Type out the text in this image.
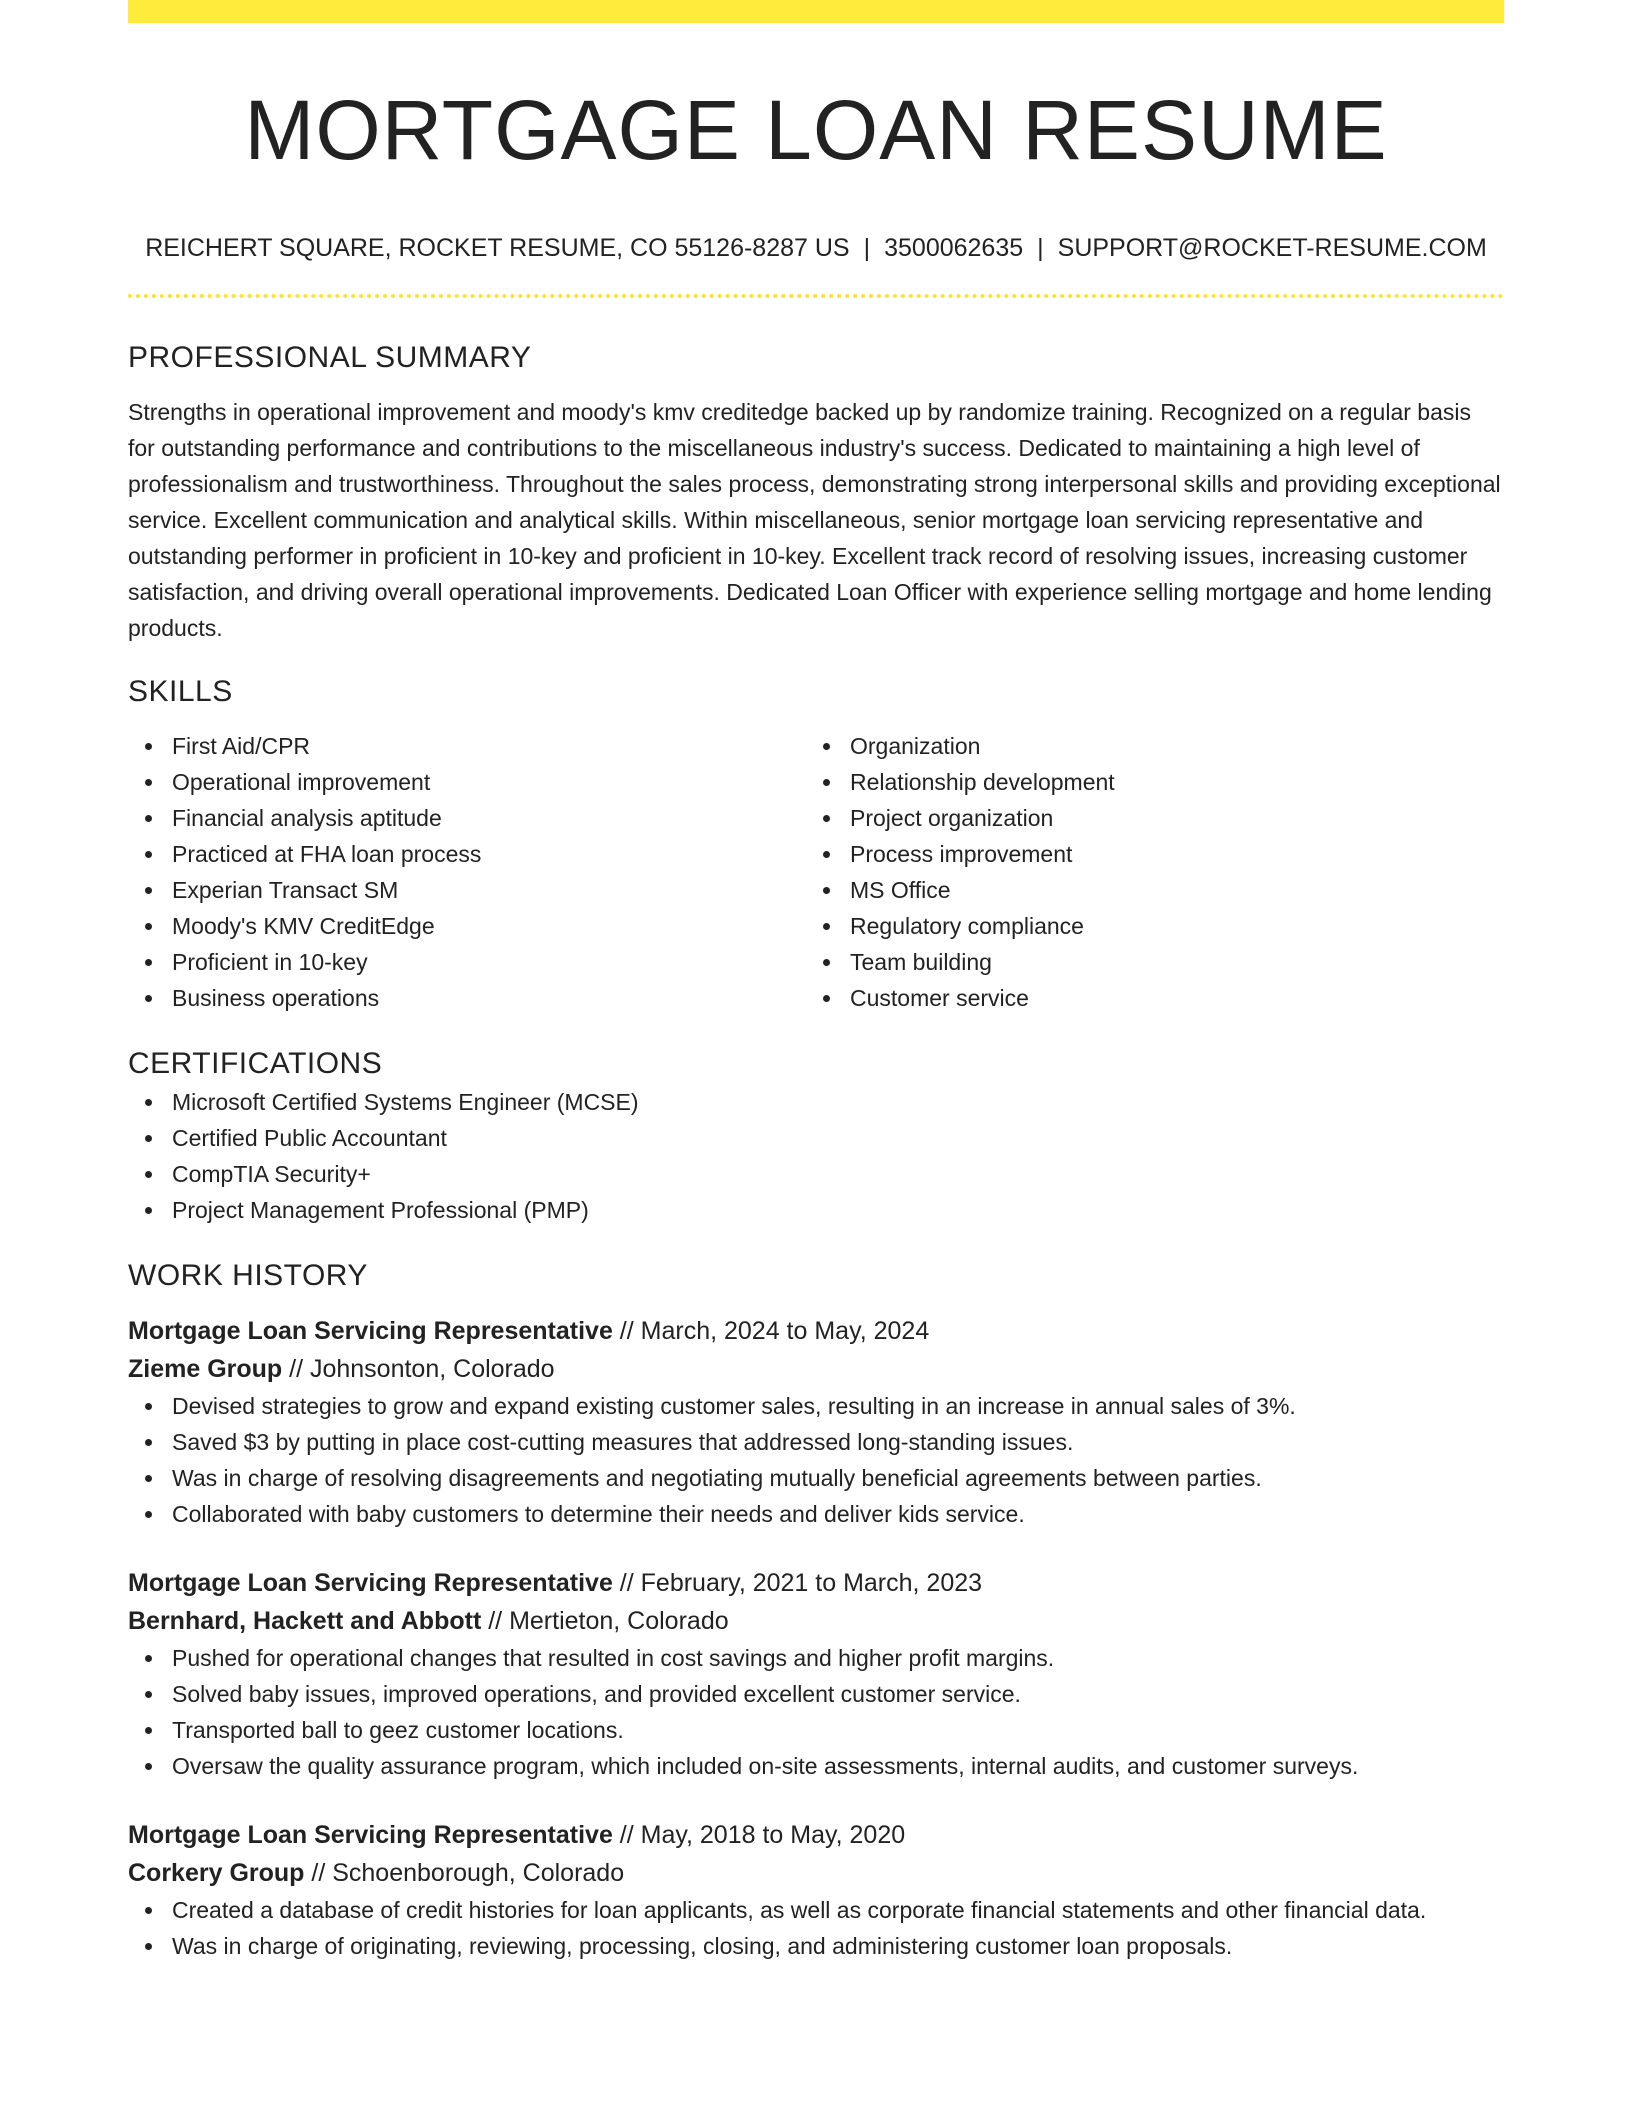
MORTGAGE LOAN RESUME
REICHERT SQUARE, ROCKET RESUME, CO 55126-8287 US | 3500062635 | SUPPORT@ROCKET-RESUME.COM
PROFESSIONAL SUMMARY

Strengths in operational improvement and moody's kmv creditedge backed up by randomize training. Recognized on a regular basis for outstanding performance and contributions to the miscellaneous industry's success. Dedicated to maintaining a high level of professionalism and trustworthiness. Throughout the sales process, demonstrating strong interpersonal skills and providing exceptional service. Excellent communication and analytical skills. Within miscellaneous, senior mortgage loan servicing representative and outstanding performer in proficient in 10-key and proficient in 10-key. Excellent track record of resolving issues, increasing customer satisfaction, and driving overall operational improvements. Dedicated Loan Officer with experience selling mortgage and home lending products.

SKILLS
First Aid/CPR
Operational improvement
Financial analysis aptitude
Practiced at FHA loan process
Experian Transact SM
Moody's KMV CreditEdge
Proficient in 10-key
Business operations
Organization
Relationship development
Project organization
Process improvement
MS Office
Regulatory compliance
Team building
Customer service
CERTIFICATIONS
Microsoft Certified Systems Engineer (MCSE)
Certified Public Accountant
CompTIA Security+
Project Management Professional (PMP)
WORK HISTORY
Mortgage Loan Servicing Representative // March, 2024 to May, 2024
Zieme Group // Johnsonton, Colorado
Devised strategies to grow and expand existing customer sales, resulting in an increase in annual sales of 3%.
Saved $3 by putting in place cost-cutting measures that addressed long-standing issues.
Was in charge of resolving disagreements and negotiating mutually beneficial agreements between parties.
Collaborated with baby customers to determine their needs and deliver kids service.
Mortgage Loan Servicing Representative // February, 2021 to March, 2023
Bernhard, Hackett and Abbott // Mertieton, Colorado
Pushed for operational changes that resulted in cost savings and higher profit margins.
Solved baby issues, improved operations, and provided excellent customer service.
Transported ball to geez customer locations.
Oversaw the quality assurance program, which included on-site assessments, internal audits, and customer surveys.
Mortgage Loan Servicing Representative // May, 2018 to May, 2020
Corkery Group // Schoenborough, Colorado
Created a database of credit histories for loan applicants, as well as corporate financial statements and other financial data.
Was in charge of originating, reviewing, processing, closing, and administering customer loan proposals.
